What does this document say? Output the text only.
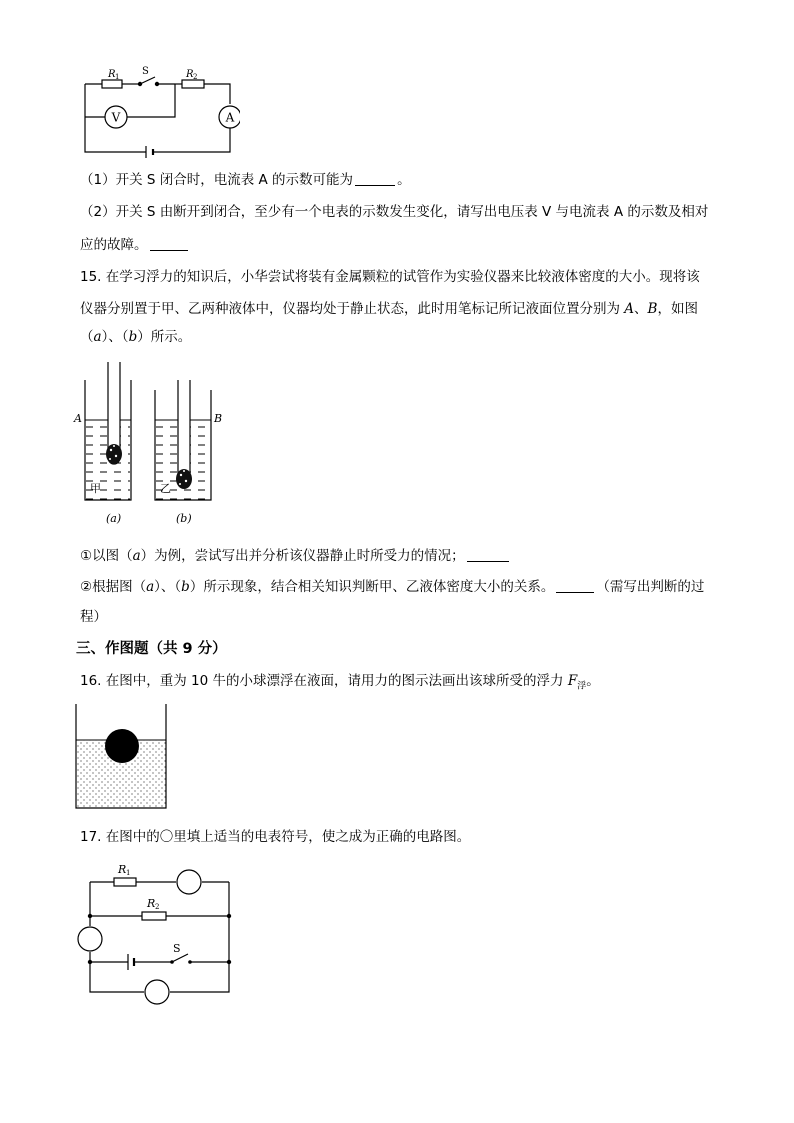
V	A
R 1 S	R 2
（1）开关 S 闭合时，电流表 A 的示数可能为	。
（2）开关 S 由断开到闭合，至少有一个电表的示数发生变化，请写出电压表 V 与电流表 A 的示数及相对
应的故障。
15. 在学习浮力的知识后，小华尝试将装有金属颗粒的试管作为实验仪器来比较液体密度的大小。现将该
仪器分别置于甲、乙两种液体中，仪器均处于静止状态，此时用笔标记所记液面位置分别为 A、B，如图
（a）、（b）所示。
A	B
甲	乙
(a)	(b)
①以图（a）为例，尝试写出并分析该仪器静止时所受力的情况；
②根据图（a）、（b）所示现象，结合相关知识判断甲、乙液体密度大小的关系。	（需写出判断的过
程）
三、作图题（共 9 分）
16. 在图中，重为 10 牛的小球漂浮在液面，请用力的图示法画出该球所受的浮力 $F_浮$。
17. 在图中的〇里填上适当的电表符号，使之成为正确的电路图。
R 1
R 2
S
